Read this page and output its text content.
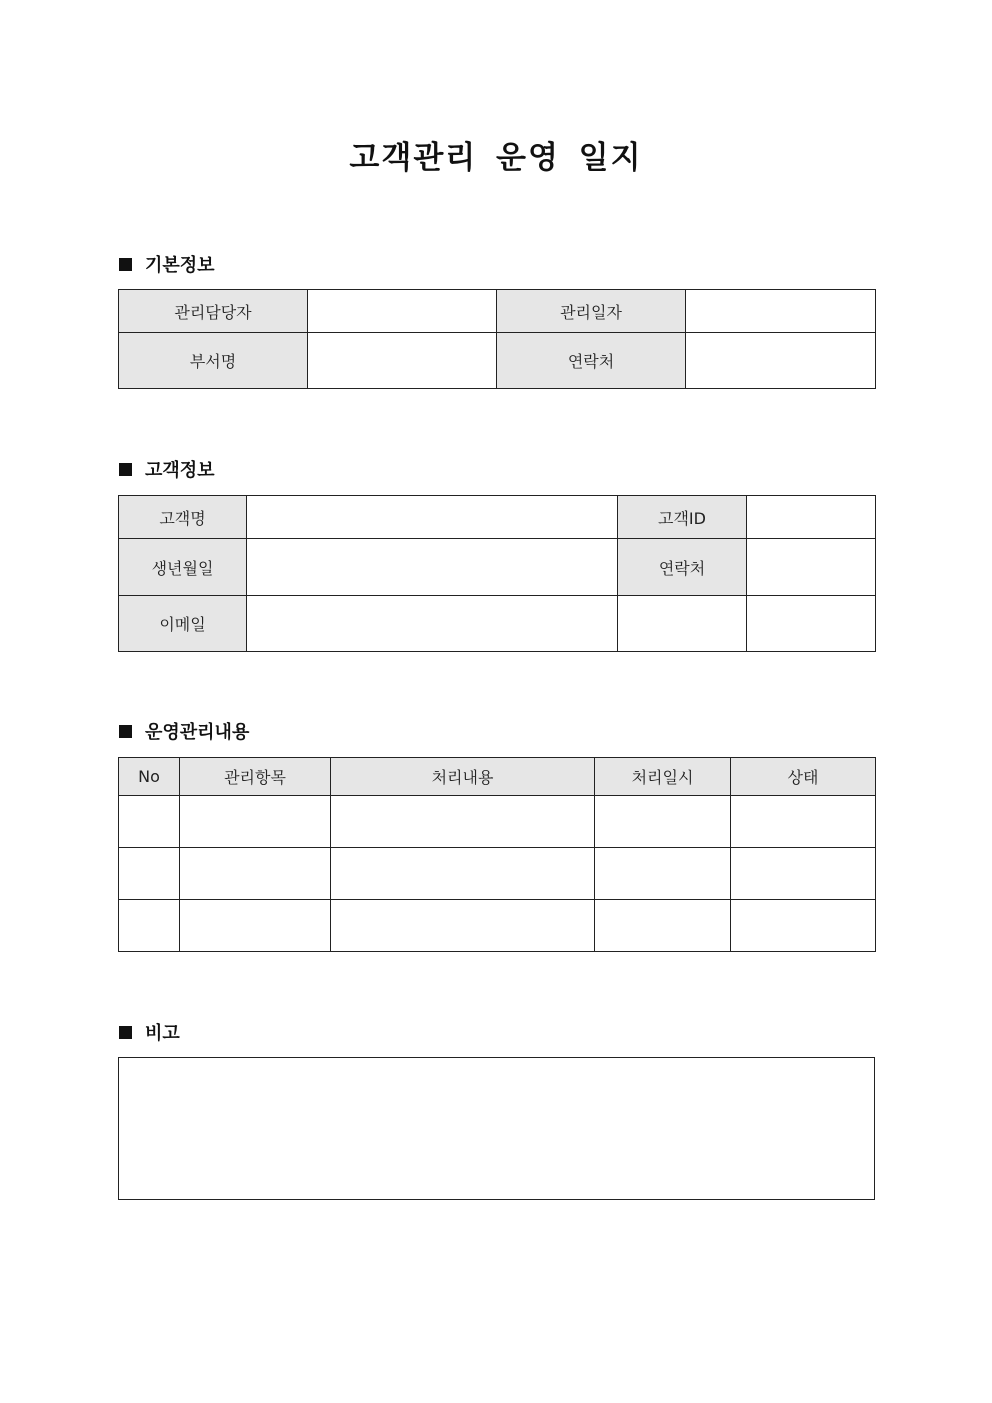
고객관리 운영 일지
기본정보
관리담당자		관리일자	
부서명		연락처	
고객정보
고객명		고객ID	
생년월일		연락처	
이메일			
운영관리내용
No	관리항목	처리내용	처리일시	상태

비고
